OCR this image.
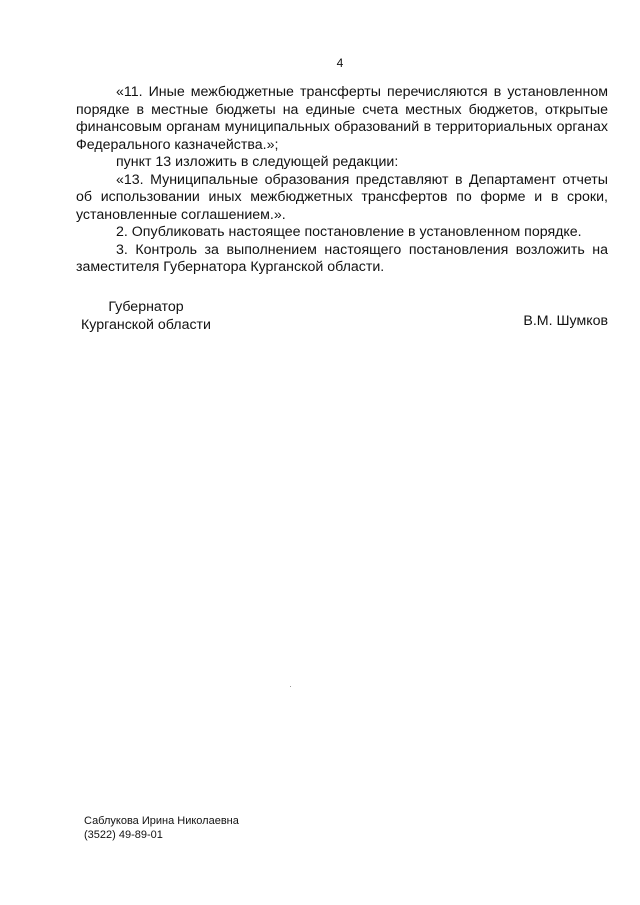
4

«11. Иные межбюджетные трансферты перечисляются в установленном порядке в местные бюджеты на единые счета местных бюджетов, открытые финансовым органам муниципальных образований в территориальных органах Федерального казначейства.»;

пункт 13 изложить в следующей редакции:

«13. Муниципальные образования представляют в Департамент отчеты об использовании иных межбюджетных трансфертов по форме и в сроки, установленные соглашением.».

2. Опубликовать настоящее постановление в установленном порядке.

3. Контроль за выполнением настоящего постановления возложить на заместителя Губернатора Курганской области.

Губернатор
Курганской области	В.М. Шумков
Саблукова Ирина Николаевна
(3522) 49-89-01
